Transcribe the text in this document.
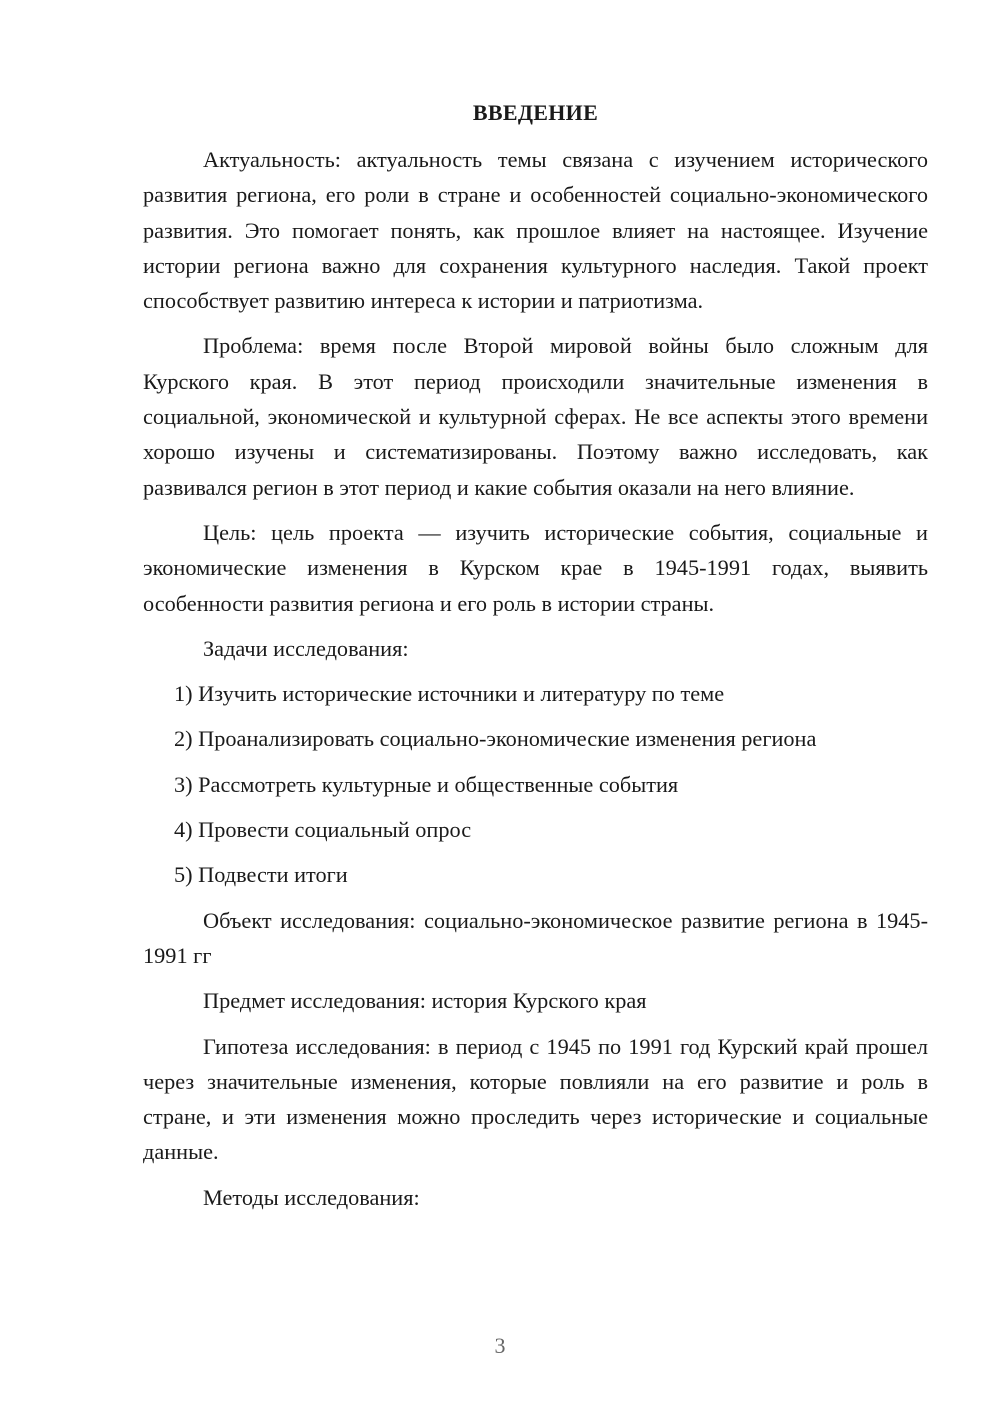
ВВЕДЕНИЕ

Актуальность: актуальность темы связана с изучением исторического развития региона, его роли в стране и особенностей социально-экономического развития. Это помогает понять, как прошлое влияет на настоящее. Изучение истории региона важно для сохранения культурного наследия. Такой проект способствует развитию интереса к истории и патриотизма.

Проблема: время после Второй мировой войны было сложным для Курского края. В этот период происходили значительные изменения в социальной, экономической и культурной сферах. Не все аспекты этого времени хорошо изучены и систематизированы. Поэтому важно исследовать, как развивался регион в этот период и какие события оказали на него влияние.

Цель: цель проекта — изучить исторические события, социальные и экономические изменения в Курском крае в 1945-1991 годах, выявить особенности развития региона и его роль в истории страны.

Задачи исследования:

1) Изучить исторические источники и литературу по теме
2) Проанализировать социально-экономические изменения региона
3) Рассмотреть культурные и общественные события
4) Провести социальный опрос
5) Подвести итоги

Объект исследования: социально-экономическое развитие региона в 1945-1991 гг

Предмет исследования: история Курского края

Гипотеза исследования: в период с 1945 по 1991 год Курский край прошел через значительные изменения, которые повлияли на его развитие и роль в стране, и эти изменения можно проследить через исторические и социальные данные.

Методы исследования:

3
